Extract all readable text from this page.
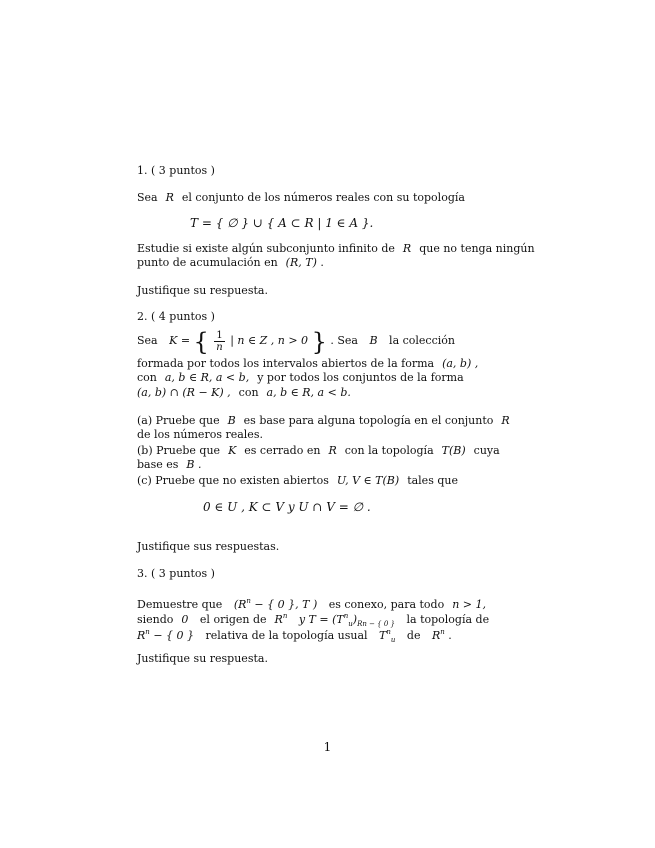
1. ( 3 puntos )
Sea R el conjunto de los números reales con su topología
T = { ∅ } ∪ { A ⊂ R | 1 ∈ A }.
Estudie si existe algún subconjunto infinito de R que no tenga ningún
punto de acumulación en (R, T) .
Justifique su respuesta.
2. ( 4 puntos )
Sea K = { $\frac{1}{n}$ | n ∈ Z , n > 0 } . Sea B la colección
formada por todos los intervalos abiertos de la forma (a, b) ,
con a, b ∈ R, a < b, y por todos los conjuntos de la forma
(a, b) ∩ (R − K) , con a, b ∈ R, a < b.
(a) Pruebe que B es base para alguna topología en el conjunto R
de los números reales.
(b) Pruebe que K es cerrado en R con la topología T(B) cuya
base es B .
(c) Pruebe que no existen abiertos U, V ∈ T(B) tales que
0 ∈ U , K ⊂ V y U ∩ V = ∅ .
Justifique sus respuestas.
3. ( 3 puntos )
Demuestre que ($R^n$ − { 0 }, T ) es conexo, para todo n > 1,
siendo 0 el origen de $R^n$ y $T = (T^n_u)_{Rn - \{ 0 \}}$ la topología de
$R^n$ − { 0 } relativa de la topología usual $T^n_u$ de $R^n$ .
Justifique su respuesta.
1
